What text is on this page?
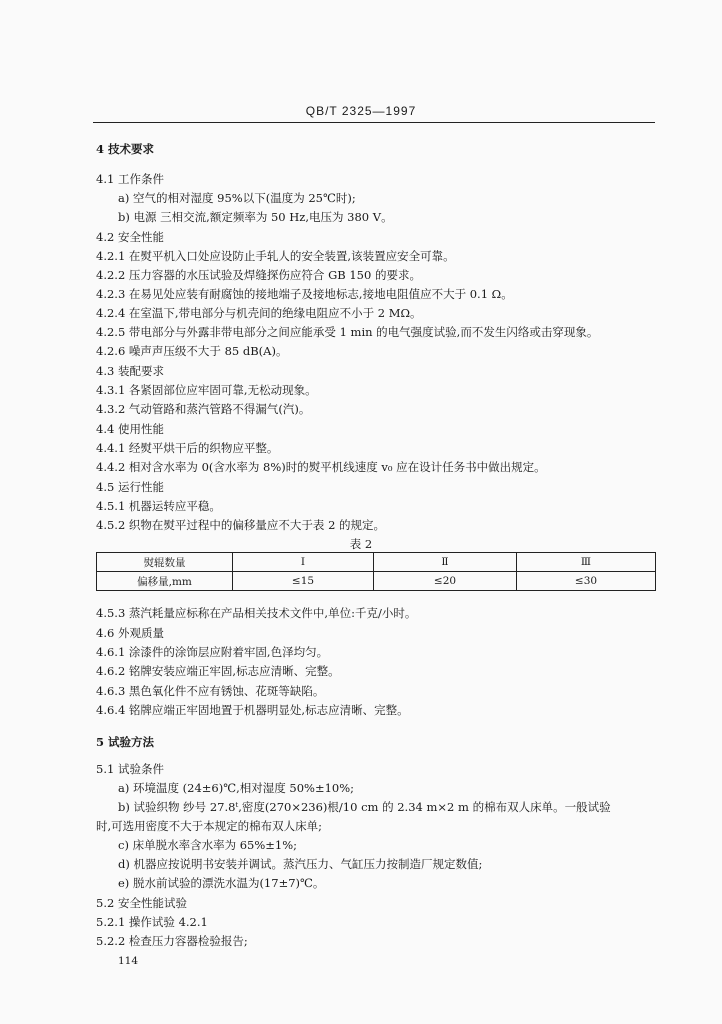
QB/T 2325—1997
4 技术要求
4.1 工作条件
a) 空气的相对湿度 95%以下(温度为 25℃时);
b) 电源 三相交流,额定频率为 50 Hz,电压为 380 V。
4.2 安全性能
4.2.1 在熨平机入口处应设防止手轧人的安全装置,该装置应安全可靠。
4.2.2 压力容器的水压试验及焊缝探伤应符合 GB 150 的要求。
4.2.3 在易见处应装有耐腐蚀的接地端子及接地标志,接地电阻值应不大于 0.1 Ω。
4.2.4 在室温下,带电部分与机壳间的绝缘电阻应不小于 2 MΩ。
4.2.5 带电部分与外露非带电部分之间应能承受 1 min 的电气强度试验,而不发生闪络或击穿现象。
4.2.6 噪声声压级不大于 85 dB(A)。
4.3 装配要求
4.3.1 各紧固部位应牢固可靠,无松动现象。
4.3.2 气动管路和蒸汽管路不得漏气(汽)。
4.4 使用性能
4.4.1 经熨平烘干后的织物应平整。
4.4.2 相对含水率为 0(含水率为 8%)时的熨平机线速度 v₀ 应在设计任务书中做出规定。
4.5 运行性能
4.5.1 机器运转应平稳。
4.5.2 织物在熨平过程中的偏移量应不大于表 2 的规定。
4.5.3 蒸汽耗量应标称在产品相关技术文件中,单位:千克/小时。
4.6 外观质量
4.6.1 涂漆件的涂饰层应附着牢固,色泽均匀。
4.6.2 铭牌安装应端正牢固,标志应清晰、完整。
4.6.3 黑色氧化件不应有锈蚀、花斑等缺陷。
4.6.4 铭牌应端正牢固地置于机器明显处,标志应清晰、完整。
5 试验方法
5.1 试验条件
a) 环境温度 (24±6)℃,相对湿度 50%±10%;
b) 试验织物 纱号 27.8ᵗ,密度(270×236)根/10 cm 的 2.34 m×2 m 的棉布双人床单。一般试验
时,可选用密度不大于本规定的棉布双人床单;
c) 床单脱水率含水率为 65%±1%;
d) 机器应按说明书安装并调试。蒸汽压力、气缸压力按制造厂规定数值;
e) 脱水前试验的漂洗水温为(17±7)℃。
5.2 安全性能试验
5.2.1 操作试验 4.2.1
5.2.2 检查压力容器检验报告;
表 2
熨辊数量	Ⅰ	Ⅱ	Ⅲ
偏移量,mm	≤15	≤20	≤30
114
